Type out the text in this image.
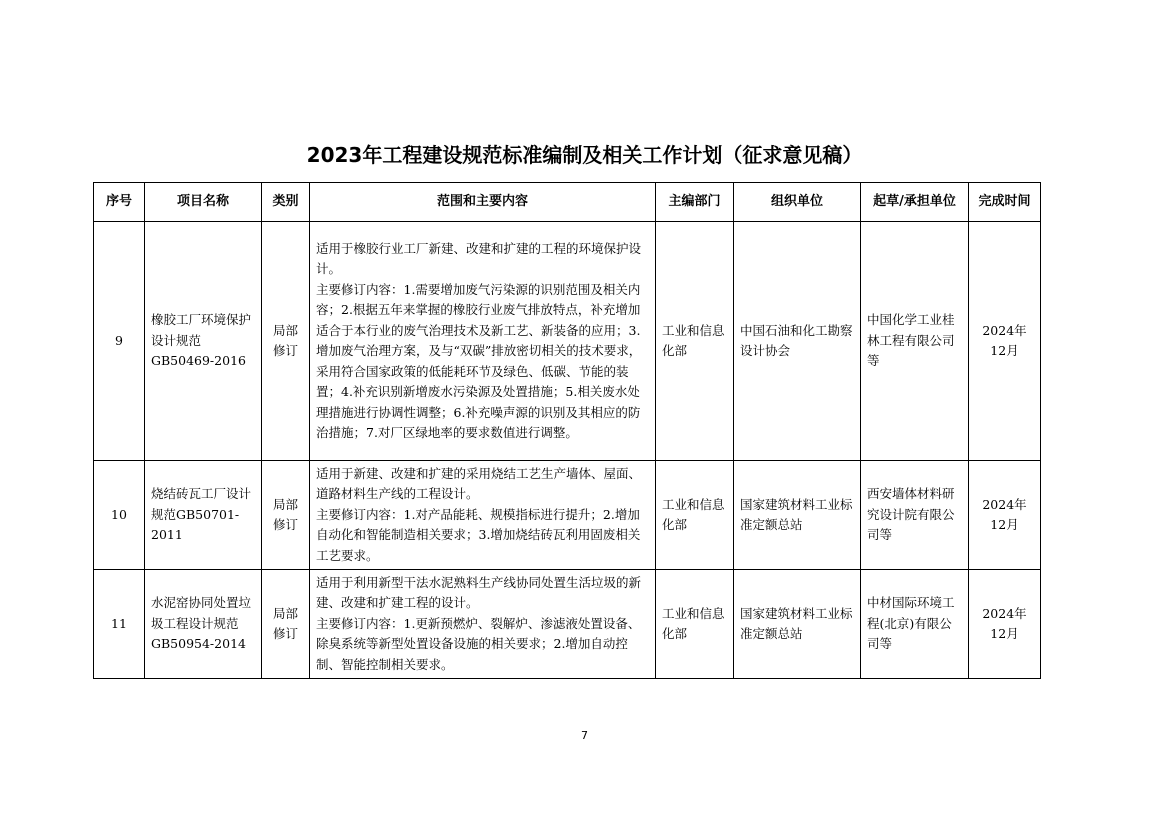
2023年工程建设规范标准编制及相关工作计划（征求意见稿）
序号	项目名称	类别	范围和主要内容	主编部门	组织单位	起草/承担单位	完成时间
9	橡胶工厂环境保护设计规范GB50469-2016	局部修订	适用于橡胶行业工厂新建、改建和扩建的工程的环境保护设计。

主要修订内容：1.需要增加废气污染源的识别范围及相关内容；2.根据五年来掌握的橡胶行业废气排放特点，补充增加适合于本行业的废气治理技术及新工艺、新装备的应用；3.增加废气治理方案，及与“双碳”排放密切相关的技术要求，采用符合国家政策的低能耗环节及绿色、低碳、节能的装置；4.补充识别新增废水污染源及处置措施；5.相关废水处理措施进行协调性调整；6.补充噪声源的识别及其相应的防治措施；7.对厂区绿地率的要求数值进行调整。	工业和信息化部	中国石油和化工勘察设计协会	中国化学工业桂林工程有限公司等	2024年12月
10	烧结砖瓦工厂设计规范GB50701-2011	局部修订	适用于新建、改建和扩建的采用烧结工艺生产墙体、屋面、道路材料生产线的工程设计。

主要修订内容：1.对产品能耗、规模指标进行提升；2.增加自动化和智能制造相关要求；3.增加烧结砖瓦利用固废相关工艺要求。	工业和信息化部	国家建筑材料工业标准定额总站	西安墙体材料研究设计院有限公司等	2024年12月
11	水泥窑协同处置垃圾工程设计规范GB50954-2014	局部修订	适用于利用新型干法水泥熟料生产线协同处置生活垃圾的新建、改建和扩建工程的设计。

主要修订内容：1.更新预燃炉、裂解炉、渗滤液处置设备、除臭系统等新型处置设备设施的相关要求；2.增加自动控制、智能控制相关要求。	工业和信息化部	国家建筑材料工业标准定额总站	中材国际环境工程(北京)有限公司等	2024年12月
7
